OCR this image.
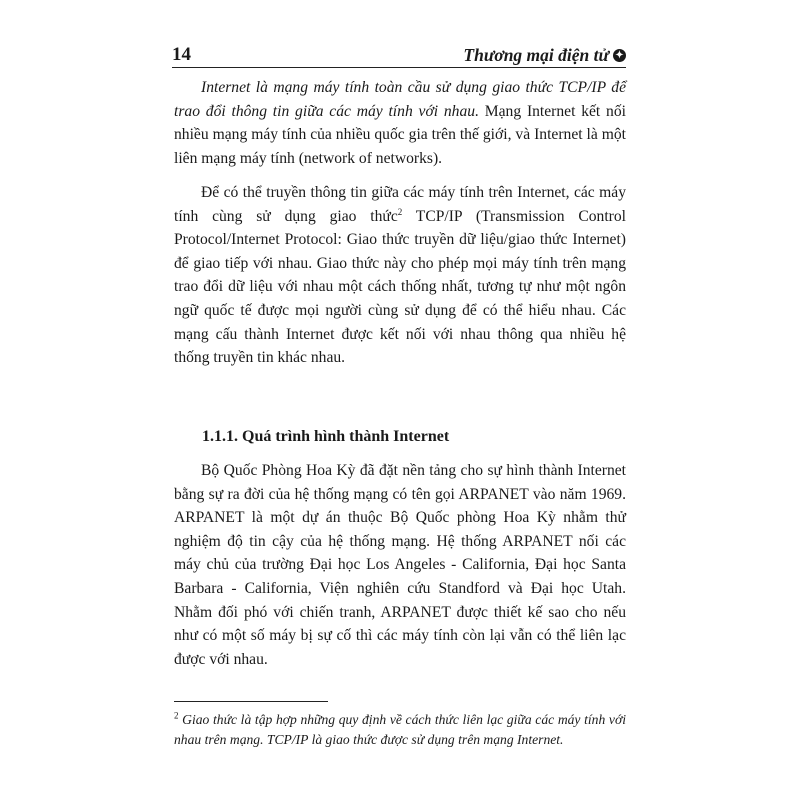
14	Thương mại điện tử ✦

Internet là mạng máy tính toàn cầu sử dụng giao thức TCP/IP để trao đổi thông tin giữa các máy tính với nhau. Mạng Internet kết nối nhiều mạng máy tính của nhiều quốc gia trên thế giới, và Internet là một liên mạng máy tính (network of networks).

Để có thể truyền thông tin giữa các máy tính trên Internet, các máy tính cùng sử dụng giao thức$^2$ TCP/IP (Transmission Control Protocol/Internet Protocol: Giao thức truyền dữ liệu/giao thức Internet) để giao tiếp với nhau. Giao thức này cho phép mọi máy tính trên mạng trao đổi dữ liệu với nhau một cách thống nhất, tương tự như một ngôn ngữ quốc tế được mọi người cùng sử dụng để có thể hiểu nhau. Các mạng cấu thành Internet được kết nối với nhau thông qua nhiều hệ thống truyền tin khác nhau.

1.1.1. Quá trình hình thành Internet

Bộ Quốc Phòng Hoa Kỳ đã đặt nền tảng cho sự hình thành Internet bằng sự ra đời của hệ thống mạng có tên gọi ARPANET vào năm 1969. ARPANET là một dự án thuộc Bộ Quốc phòng Hoa Kỳ nhằm thử nghiệm độ tin cậy của hệ thống mạng. Hệ thống ARPANET nối các máy chủ của trường Đại học Los Angeles - California, Đại học Santa Barbara - California, Viện nghiên cứu Standford và Đại học Utah. Nhằm đối phó với chiến tranh, ARPANET được thiết kế sao cho nếu như có một số máy bị sự cố thì các máy tính còn lại vẫn có thể liên lạc được với nhau.

$^2$ Giao thức là tập hợp những quy định về cách thức liên lạc giữa các máy tính với nhau trên mạng. TCP/IP là giao thức được sử dụng trên mạng Internet.
